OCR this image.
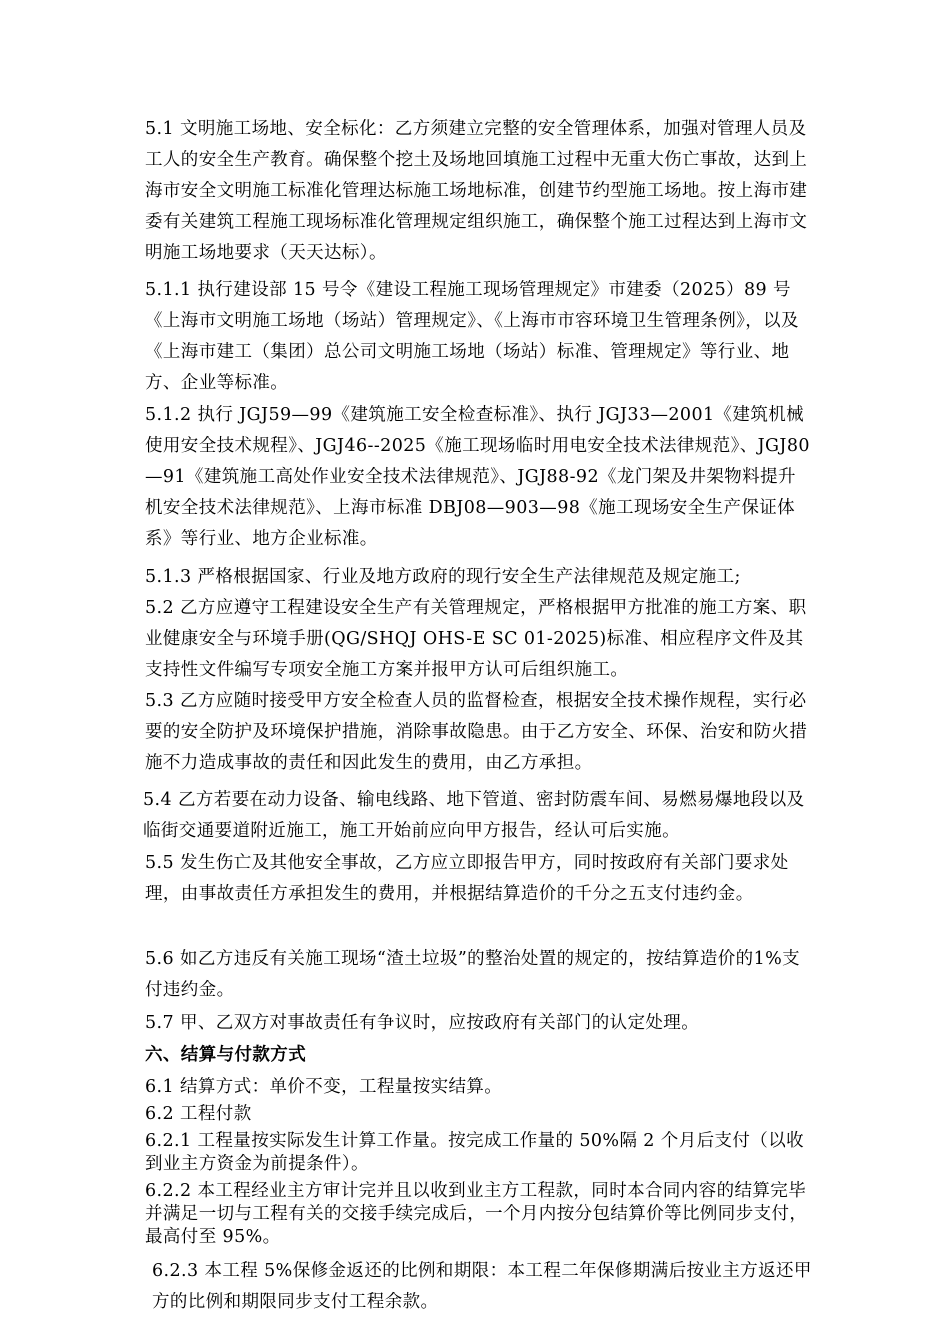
5.1 文明施工场地、安全标化：乙方须建立完整的安全管理体系，加强对管理人员及工人的安全生产教育。确保整个挖土及场地回填施工过程中无重大伤亡事故，达到上海市安全文明施工标准化管理达标施工场地标准，创建节约型施工场地。按上海市建委有关建筑工程施工现场标准化管理规定组织施工，确保整个施工过程达到上海市文明施工场地要求（天天达标）。

5.1.1 执行建设部 15 号令《建设工程施工现场管理规定》市建委（2025）89 号《上海市文明施工场地（场站）管理规定》、《上海市市容环境卫生管理条例》，以及《上海市建工（集团）总公司文明施工场地（场站）标准、管理规定》等行业、地方、企业等标准。

5.1.2 执行 JGJ59—99《建筑施工安全检查标准》、执行 JGJ33—2001《建筑机械使用安全技术规程》、JGJ46--2025《施工现场临时用电安全技术法律规范》、JGJ80—91《建筑施工高处作业安全技术法律规范》、JGJ88-92《龙门架及井架物料提升机安全技术法律规范》、上海市标准 DBJ08—903—98《施工现场安全生产保证体系》等行业、地方企业标准。

5.1.3 严格根据国家、行业及地方政府的现行安全生产法律规范及规定施工;

5.2 乙方应遵守工程建设安全生产有关管理规定，严格根据甲方批准的施工方案、职业健康安全与环境手册(QG/SHQJ OHS-E SC 01-2025)标准、相应程序文件及其支持性文件编写专项安全施工方案并报甲方认可后组织施工。

5.3 乙方应随时接受甲方安全检查人员的监督检查，根据安全技术操作规程，实行必要的安全防护及环境保护措施，消除事故隐患。由于乙方安全、环保、治安和防火措施不力造成事故的责任和因此发生的费用，由乙方承担。

5.4 乙方若要在动力设备、输电线路、地下管道、密封防震车间、易燃易爆地段以及临街交通要道附近施工，施工开始前应向甲方报告，经认可后实施。

5.5 发生伤亡及其他安全事故，乙方应立即报告甲方，同时按政府有关部门要求处理，由事故责任方承担发生的费用，并根据结算造价的千分之五支付违约金。

5.6 如乙方违反有关施工现场“渣土垃圾”的整治处置的规定的，按结算造价的1%支付违约金。

5.7 甲、乙双方对事故责任有争议时，应按政府有关部门的认定处理。

六、结算与付款方式

6.1 结算方式：单价不变，工程量按实结算。

6.2 工程付款

6.2.1 工程量按实际发生计算工作量。按完成工作量的 50%隔 2 个月后支付（以收到业主方资金为前提条件）。

6.2.2 本工程经业主方审计完并且以收到业主方工程款，同时本合同内容的结算完毕并满足一切与工程有关的交接手续完成后，一个月内按分包结算价等比例同步支付，最高付至 95%。

6.2.3 本工程 5%保修金返还的比例和期限：本工程二年保修期满后按业主方返还甲方的比例和期限同步支付工程余款。
